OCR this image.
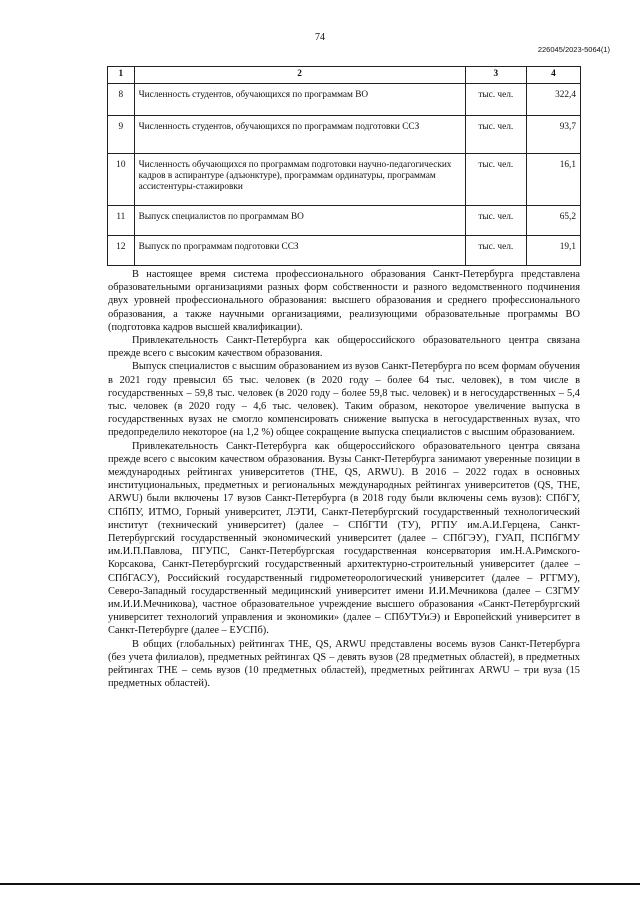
74
226045/2023-5064(1)
1	2	3	4
8	Численность студентов, обучающихся по программам ВО	тыс. чел.	322,4
9	Численность студентов, обучающихся по программам подготовки ССЗ	тыс. чел.	93,7
10	Численность обучающихся по программам подготовки научно-педагогических кадров в аспирантуре (адъюнктуре), программам ординатуры, программам ассистентуры-стажировки	тыс. чел.	16,1
11	Выпуск специалистов по программам ВО	тыс. чел.	65,2
12	Выпуск по программам подготовки ССЗ	тыс. чел.	19,1

В настоящее время система профессионального образования Санкт-Петербурга представлена образовательными организациями разных форм собственности и разного ведомственного подчинения двух уровней профессионального образования: высшего образования и среднего профессионального образования, а также научными организациями, реализующими образовательные программы ВО (подготовка кадров высшей квалификации).

Привлекательность Санкт-Петербурга как общероссийского образовательного центра связана прежде всего с высоким качеством образования.

Выпуск специалистов с высшим образованием из вузов Санкт-Петербурга по всем формам обучения в 2021 году превысил 65 тыс. человек (в 2020 году – более 64 тыс. человек), в том числе в государственных – 59,8 тыс. человек (в 2020 году – более 59,8 тыс. человек) и в негосударственных – 5,4 тыс. человек (в 2020 году – 4,6 тыс. человек). Таким образом, некоторое увеличение выпуска в государственных вузах не смогло компенсировать снижение выпуска в негосударственных вузах, что предопределило некоторое (на 1,2 %) общее сокращение выпуска специалистов с высшим образованием.

Привлекательность Санкт-Петербурга как общероссийского образовательного центра связана прежде всего с высоким качеством образования. Вузы Санкт-Петербурга занимают уверенные позиции в международных рейтингах университетов (THE, QS, ARWU). В 2016 – 2022 годах в основных институциональных, предметных и региональных международных рейтингах университетов (QS, THE, ARWU) были включены 17 вузов Санкт-Петербурга (в 2018 году были включены семь вузов): СПбГУ, СПбПУ, ИТМО, Горный университет, ЛЭТИ, Санкт-Петербургский государственный технологический институт (технический университет) (далее – СПбГТИ (ТУ), РГПУ им.А.И.Герцена, Санкт-Петербургский государственный экономический университет (далее – СПбГЭУ), ГУАП, ПСПбГМУ им.И.П.Павлова, ПГУПС, Санкт-Петербургская государственная консерватория им.Н.А.Римского-Корсакова, Санкт-Петербургский государственный архитектурно-строительный университет (далее – СПбГАСУ), Российский государственный гидрометеорологический университет (далее – РГГМУ), Северо-Западный государственный медицинский университет имени И.И.Мечникова (далее – СЗГМУ им.И.И.Мечникова), частное образовательное учреждение высшего образования «Санкт-Петербургский университет технологий управления и экономики» (далее – СПбУТУиЭ) и Европейский университет в Санкт-Петербурге (далее – ЕУСПб).

В общих (глобальных) рейтингах THE, QS, ARWU представлены восемь вузов Санкт-Петербурга (без учета филиалов), предметных рейтингах QS – девять вузов (28 предметных областей), в предметных рейтингах THE – семь вузов (10 предметных областей), предметных рейтингах ARWU – три вуза (15 предметных областей).
